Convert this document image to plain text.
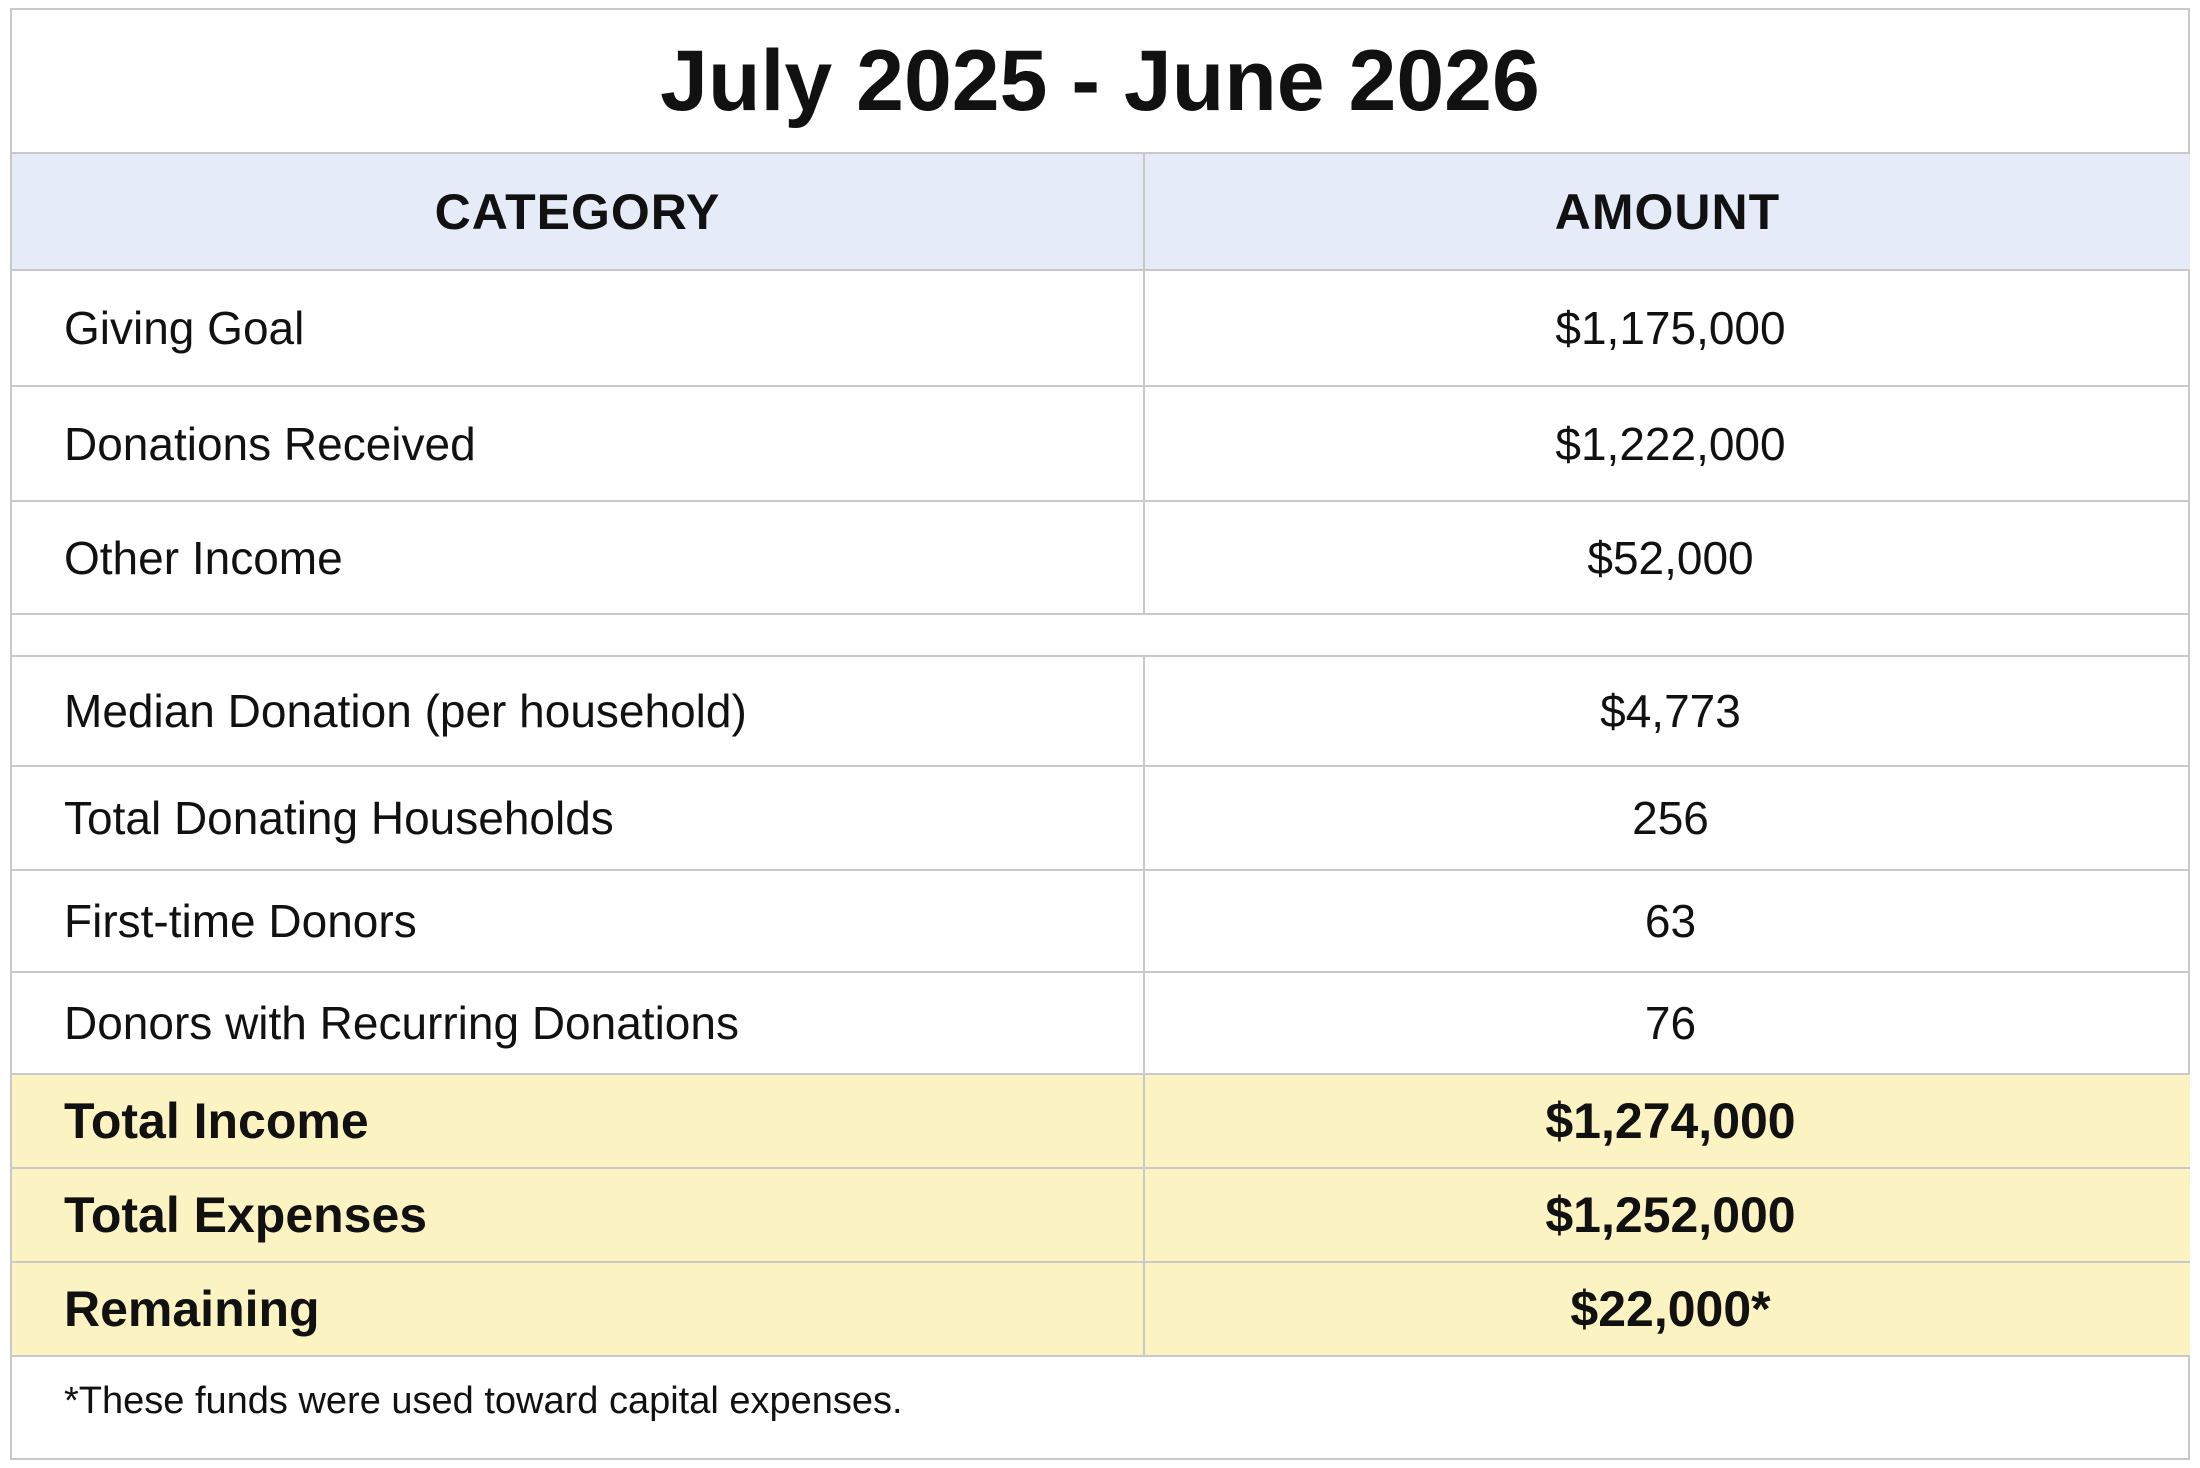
July 2025 - June 2026
CATEGORY	AMOUNT
Giving Goal	$1,175,000
Donations Received	$1,222,000
Other Income	$52,000

Median Donation (per household)	$4,773
Total Donating Households	256
First-time Donors	63
Donors with Recurring Donations	76
Total Income	$1,274,000
Total Expenses	$1,252,000
Remaining	$22,000*
*These funds were used toward capital expenses.
